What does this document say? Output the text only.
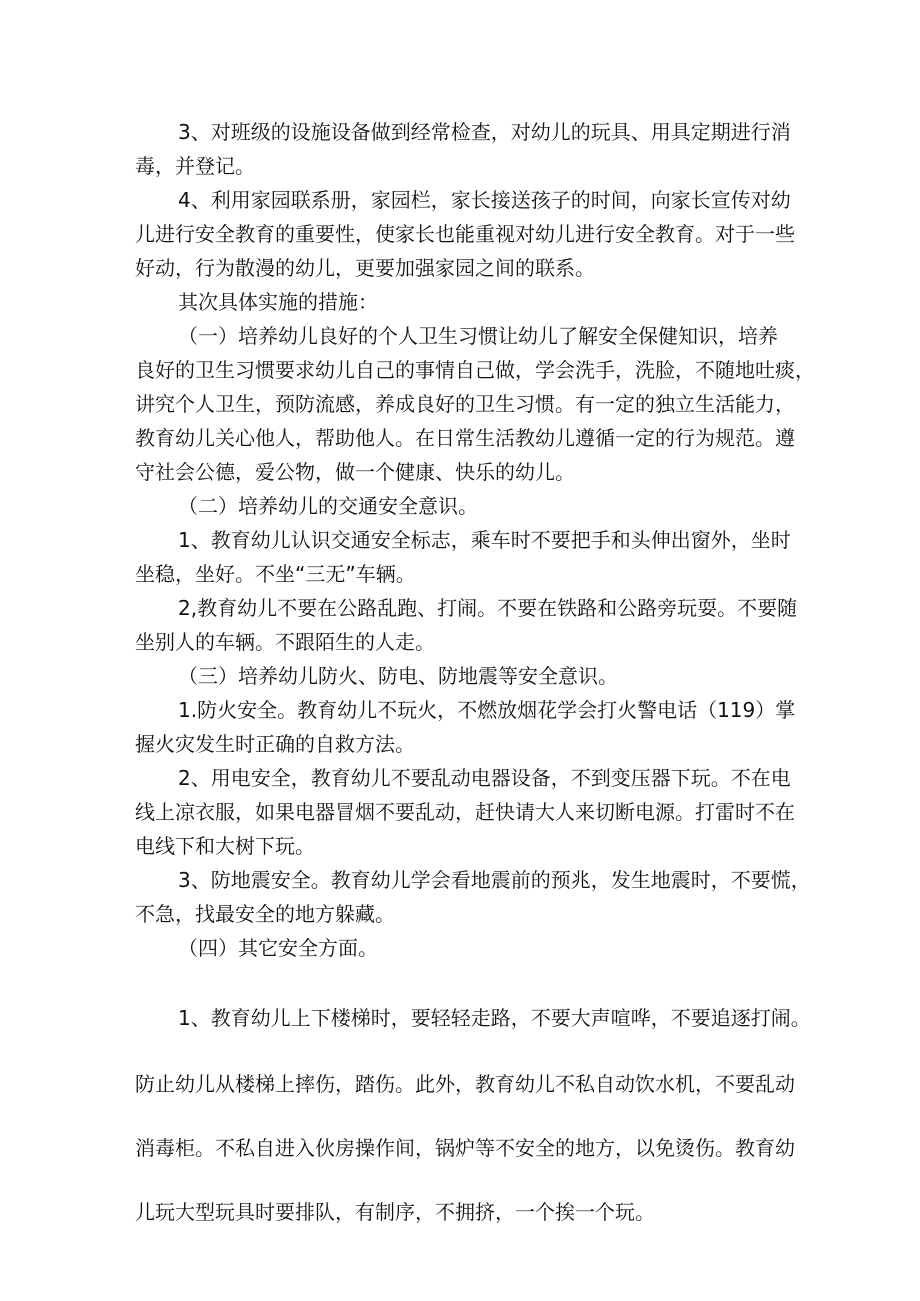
3、对班级的设施设备做到经常检查，对幼儿的玩具、用具定期进行消

毒，并登记。

4、利用家园联系册，家园栏，家长接送孩子的时间，向家长宣传对幼

儿进行安全教育的重要性，使家长也能重视对幼儿进行安全教育。对于一些

好动，行为散漫的幼儿，更要加强家园之间的联系。

其次具体实施的措施：

（一）培养幼儿良好的个人卫生习惯让幼儿了解安全保健知识，培养

良好的卫生习惯要求幼儿自己的事情自己做，学会洗手，洗脸，不随地吐痰，

讲究个人卫生，预防流感，养成良好的卫生习惯。有一定的独立生活能力，

教育幼儿关心他人，帮助他人。在日常生活教幼儿遵循一定的行为规范。遵

守社会公德，爱公物，做一个健康、快乐的幼儿。

（二）培养幼儿的交通安全意识。

1、教育幼儿认识交通安全标志，乘车时不要把手和头伸出窗外，坐时

坐稳，坐好。不坐“三无”车辆。

2,教育幼儿不要在公路乱跑、打闹。不要在铁路和公路旁玩耍。不要随

坐别人的车辆。不跟陌生的人走。

（三）培养幼儿防火、防电、防地震等安全意识。

1.防火安全。教育幼儿不玩火，不燃放烟花学会打火警电话（119）掌

握火灾发生时正确的自救方法。

2、用电安全，教育幼儿不要乱动电器设备，不到变压器下玩。不在电

线上凉衣服，如果电器冒烟不要乱动，赶快请大人来切断电源。打雷时不在

电线下和大树下玩。

3、防地震安全。教育幼儿学会看地震前的预兆，发生地震时，不要慌，

不急，找最安全的地方躲藏。

（四）其它安全方面。

1、教育幼儿上下楼梯时，要轻轻走路，不要大声喧哗，不要追逐打闹。

防止幼儿从楼梯上摔伤，踏伤。此外，教育幼儿不私自动饮水机，不要乱动

消毒柜。不私自进入伙房操作间，锅炉等不安全的地方，以免烫伤。教育幼

儿玩大型玩具时要排队，有制序，不拥挤，一个挨一个玩。
